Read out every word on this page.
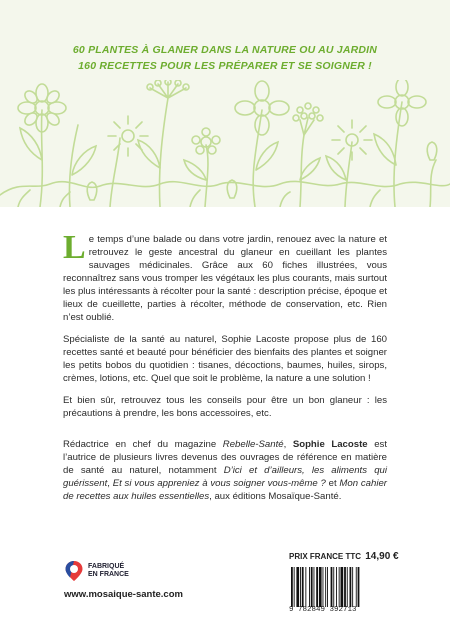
60 PLANTES À GLANER DANS LA NATURE OU AU JARDIN
160 RECETTES POUR LES PRÉPARER ET SE SOIGNER !

Le temps d’une balade ou dans votre jardin, renouez avec la nature et retrouvez le geste ancestral du glaneur en cueillant les plantes sauvages médicinales. Grâce aux 60 fiches illustrées, vous reconnaîtrez sans vous tromper les végétaux les plus courants, mais surtout les plus intéressants à récolter pour la santé : description précise, époque et lieux de cueillette, parties à récolter, méthode de conservation, etc. Rien n’est oublié.

Spécialiste de la santé au naturel, Sophie Lacoste propose plus de 160 recettes santé et beauté pour bénéficier des bienfaits des plantes et soigner les petits bobos du quotidien : tisanes, décoctions, baumes, huiles, sirops, crèmes, lotions, etc. Quel que soit le problème, la nature a une solution !

Et bien sûr, retrouvez tous les conseils pour être un bon glaneur : les précautions à prendre, les bons accessoires, etc.

Rédactrice en chef du magazine Rebelle-Santé, Sophie Lacoste est l’autrice de plusieurs livres devenus des ouvrages de référence en matière de santé au naturel, notamment D’ici et d’ailleurs, les aliments qui guérissent, Et si vous appreniez à vous soigner vous-même ? et Mon cahier de recettes aux huiles essentielles, aux éditions Mosaïque-Santé.

FABRIQUÉ
EN FRANCE
www.mosaique-sante.com
PRIX FRANCE TTC 14,90 €
9 782849 392713
